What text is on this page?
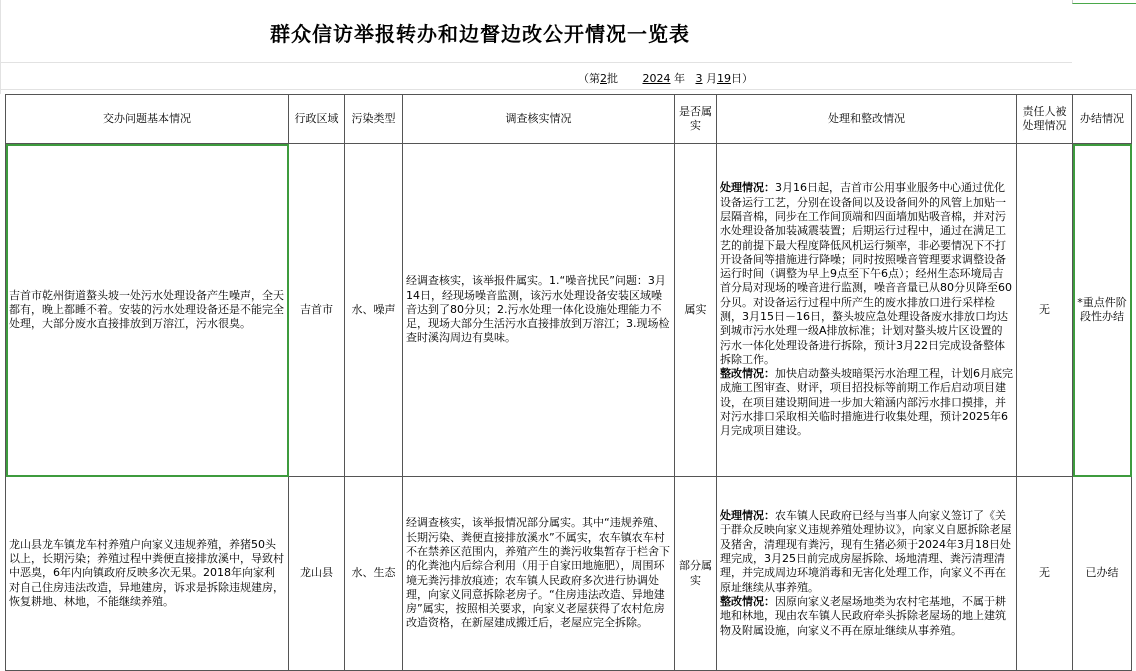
群众信访举报转办和边督边改公开情况一览表
（第2批 2024 年 3 月19日）
交办问题基本情况	行政区域	污染类型	调查核实情况	是否属实	处理和整改情况	责任人被处理情况	办结情况
吉首市乾州街道螯头坡一处污水处理设备产生噪声，全天都有，晚上都睡不着。安装的污水处理设备还是不能完全处理，大部分废水直接排放到万溶江，污水很臭。	吉首市	水、噪声	经调查核实，该举报件属实。1.“噪音扰民”问题：3月14日，经现场噪音监测，该污水处理设备安装区域噪音达到了80分贝；2.污水处理一体化设施处理能力不足，现场大部分生活污水直接排放到万溶江；3.现场检查时溪沟周边有臭味。	属实	处理情况：3月16日起，吉首市公用事业服务中心通过优化设备运行工艺，分别在设备间以及设备间外的风管上加贴一层隔音棉，同步在工作间顶端和四面墙加贴吸音棉，并对污水处理设备加装减震装置；后期运行过程中，通过在满足工艺的前提下最大程度降低风机运行频率，非必要情况下不打开设备间等措施进行降噪；同时按照噪音管理要求调整设备运行时间（调整为早上9点至下午6点）；经州生态环境局吉首分局对现场的噪音进行监测，噪音音量已从80分贝降至60分贝。对设备运行过程中所产生的废水排放口进行采样检测，3月15日－16日，螯头坡应急处理设备废水排放口均达到城市污水处理一级A排放标准；计划对螯头坡片区设置的污水一体化处理设备进行拆除，预计3月22日完成设备整体拆除工作。
整改情况：加快启动螯头坡暗渠污水治理工程，计划6月底完成施工图审查、财评，项目招投标等前期工作后启动项目建设，在项目建设期间进一步加大箱涵内部污水排口摸排，并对污水排口采取相关临时措施进行收集处理，预计2025年6月完成项目建设。	无	*重点件阶段性办结
龙山县龙车镇龙车村养殖户向家义违规养殖，养猪50头以上，长期污染；养殖过程中粪便直接排放溪中，导致村中恶臭，6年内向镇政府反映多次无果。2018年向家利对自己住房违法改造，异地建房，诉求是拆除违规建房，恢复耕地、林地，不能继续养殖。	龙山县	水、生态	经调查核实，该举报情况部分属实。其中“违规养殖、长期污染、粪便直接排放溪水”不属实，农车镇农车村不在禁养区范围内，养殖产生的粪污收集暂存于栏舍下的化粪池内后综合利用（用于自家田地施肥），周围环境无粪污排放痕迹；农车镇人民政府多次进行协调处理，向家义同意拆除老房子。“住房违法改造、异地建房”属实，按照相关要求，向家义老屋获得了农村危房改造资格，在新屋建成搬迁后，老屋应完全拆除。	部分属实	处理情况：农车镇人民政府已经与当事人向家义签订了《关于群众反映向家义违规养殖处理协议》，向家义自愿拆除老屋及猪舍，清理现有粪污，现有生猪必须于2024年3月18日处理完成，3月25日前完成房屋拆除、场地清理、粪污清理清理，并完成周边环境消毒和无害化处理工作，向家义不再在原址继续从事养殖。
整改情况：因原向家义老屋场地类为农村宅基地，不属于耕地和林地，现由农车镇人民政府牵头拆除老屋场的地上建筑物及附属设施，向家义不再在原址继续从事养殖。	无	已办结
